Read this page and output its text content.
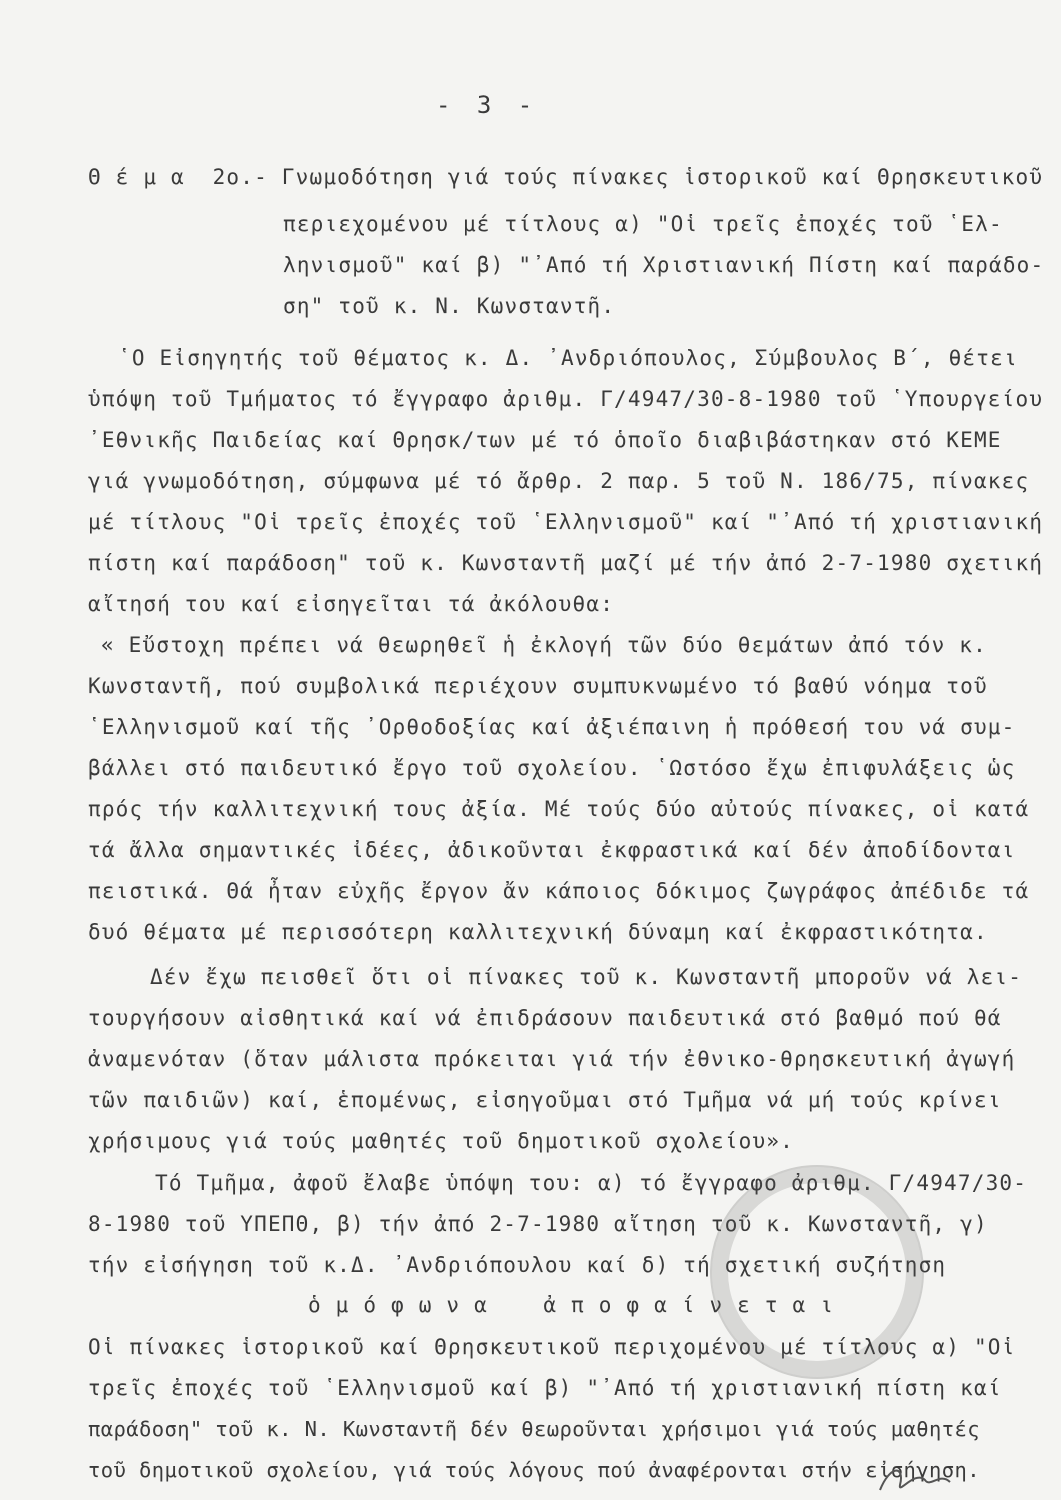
- 3 -
Θ έ μ α  2ο.- Γνωμοδότηση γιά τούς πίνακες ἱστορικοῦ καί Θρησκευτικοῦ
περιεχομένου μέ τίτλους α) "Οἱ τρεῖς ἐποχές τοῦ ῾Ελ-
ληνισμοῦ" καί β) "᾿Από τή Χριστιανική Πίστη καί παράδο-
ση" τοῦ κ. Ν. Κωνσταντῆ.
῾Ο Εἰσηγητής τοῦ θέματος κ. Δ. ᾿Ανδριόπουλος, Σύμβουλος Β΄, θέτει
ὑπόψη τοῦ Τμήματος τό ἔγγραφο ἀριθμ. Γ/4947/30-8-1980 τοῦ ῾Υπουργείου
᾿Εθνικῆς Παιδείας καί Θρησκ/των μέ τό ὁποῖο διαβιβάστηκαν στό ΚΕΜΕ
γιά γνωμοδότηση, σύμφωνα μέ τό ἄρθρ. 2 παρ. 5 τοῦ Ν. 186/75, πίνακες
μέ τίτλους "Οἱ τρεῖς ἐποχές τοῦ ῾Ελληνισμοῦ" καί "᾿Από τή χριστιανική
πίστη καί παράδοση" τοῦ κ. Κωνσταντῆ μαζί μέ τήν ἀπό 2-7-1980 σχετική
αἴτησή του καί εἰσηγεῖται τά ἀκόλουθα:
« Εὔστοχη πρέπει νά θεωρηθεῖ ἡ ἐκλογή τῶν δύο θεμάτων ἀπό τόν κ.
Κωνσταντῆ, πού συμβολικά περιέχουν συμπυκνωμένο τό βαθύ νόημα τοῦ
῾Ελληνισμοῦ καί τῆς ᾿Ορθοδοξίας καί ἀξιέπαινη ἡ πρόθεσή του νά συμ-
βάλλει στό παιδευτικό ἔργο τοῦ σχολείου. ῾Ωστόσο ἔχω ἐπιφυλάξεις ὡς
πρός τήν καλλιτεχνική τους ἀξία. Μέ τούς δύο αὐτούς πίνακες, οἱ κατά
τά ἄλλα σημαντικές ἰδέες, ἀδικοῦνται ἐκφραστικά καί δέν ἀποδίδονται
πειστικά. Θά ἦταν εὐχῆς ἔργον ἄν κάποιος δόκιμος ζωγράφος ἀπέδιδε τά
δυό θέματα μέ περισσότερη καλλιτεχνική δύναμη καί ἐκφραστικότητα.
Δέν ἔχω πεισθεῖ ὅτι οἱ πίνακες τοῦ κ. Κωνσταντῆ μποροῦν νά λει-
τουργήσουν αἰσθητικά καί νά ἐπιδράσουν παιδευτικά στό βαθμό πού θά
ἀναμενόταν (ὅταν μάλιστα πρόκειται γιά τήν ἐθνικο-θρησκευτική ἀγωγή
τῶν παιδιῶν) καί, ἑπομένως, εἰσηγοῦμαι στό Τμῆμα νά μή τούς κρίνει
χρήσιμους γιά τούς μαθητές τοῦ δημοτικοῦ σχολείου».
Τό Τμῆμα, ἀφοῦ ἔλαβε ὑπόψη του: α) τό ἔγγραφο ἀριθμ. Γ/4947/30-
8-1980 τοῦ ΥΠΕΠΘ, β) τήν ἀπό 2-7-1980 αἴτηση τοῦ κ. Κωνσταντῆ, γ)
τήν εἰσήγηση τοῦ κ.Δ. ᾿Ανδριόπουλου καί δ) τή σχετική συζήτηση
ὁ μ ό φ ω ν α    ἀ π ο φ α ί ν ε τ α ι
Οἱ πίνακες ἱστορικοῦ καί Θρησκευτικοῦ περιχομένου μέ τίτλους α) "Οἱ
τρεῖς ἐποχές τοῦ ῾Ελληνισμοῦ καί β) "᾿Από τή χριστιανική πίστη καί
παράδοση" τοῦ κ. Ν. Κωνσταντῆ δέν θεωροῦνται χρήσιμοι γιά τούς μαθητές
τοῦ δημοτικοῦ σχολείου, γιά τούς λόγους πού ἀναφέρονται στήν εἰσήγηση.
